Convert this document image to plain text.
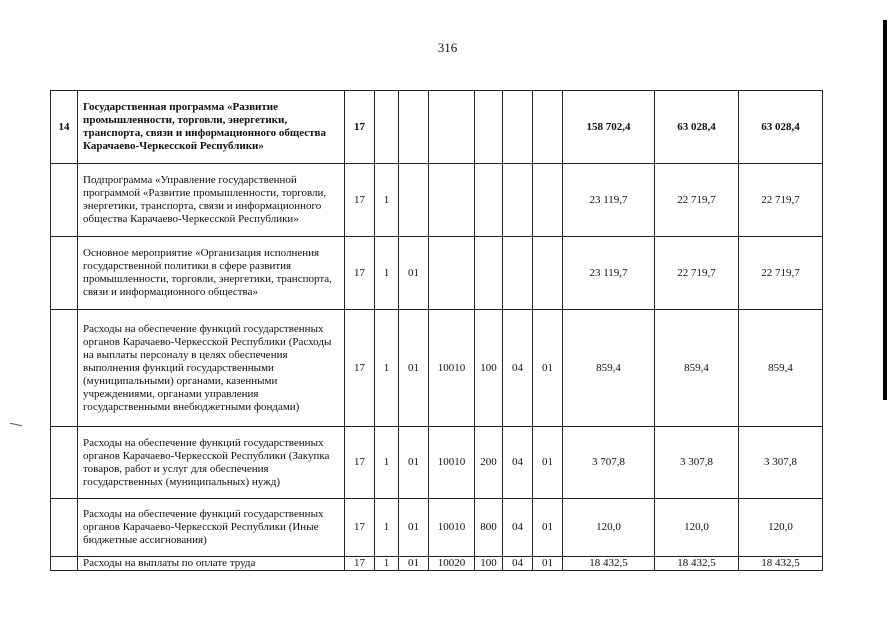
316
14	Государственная программа «Развитие промышленности, торговли, энергетики, транспорта, связи и информационного общества Карачаево-Черкесской Республики»	17							158 702,4	63 028,4	63 028,4
	Подпрограмма «Управление государственной программой «Развитие промышленности, торговли, энергетики, транспорта, связи и информационного общества Карачаево-Черкесской Республики»	17	1						23 119,7	22 719,7	22 719,7
	Основное мероприятие «Организация исполнения государственной политики в сфере развития промышленности, торговли, энергетики, транспорта, связи и информационного общества»	17	1	01					23 119,7	22 719,7	22 719,7
	Расходы на обеспечение функций государственных органов Карачаево-Черкесской Республики (Расходы на выплаты персоналу в целях обеспечения выполнения функций государственными (муниципальными) органами, казенными учреждениями, органами управления государственными внебюджетными фондами)	17	1	01	10010	100	04	01	859,4	859,4	859,4
	Расходы на обеспечение функций государственных органов Карачаево-Черкесской Республики (Закупка товаров, работ и услуг для обеспечения государственных (муниципальных) нужд)	17	1	01	10010	200	04	01	3 707,8	3 307,8	3 307,8
	Расходы на обеспечение функций государственных органов Карачаево-Черкесской Республики (Иные бюджетные ассигнования)	17	1	01	10010	800	04	01	120,0	120,0	120,0
	Расходы на выплаты по оплате труда	17	1	01	10020	100	04	01	18 432,5	18 432,5	18 432,5
